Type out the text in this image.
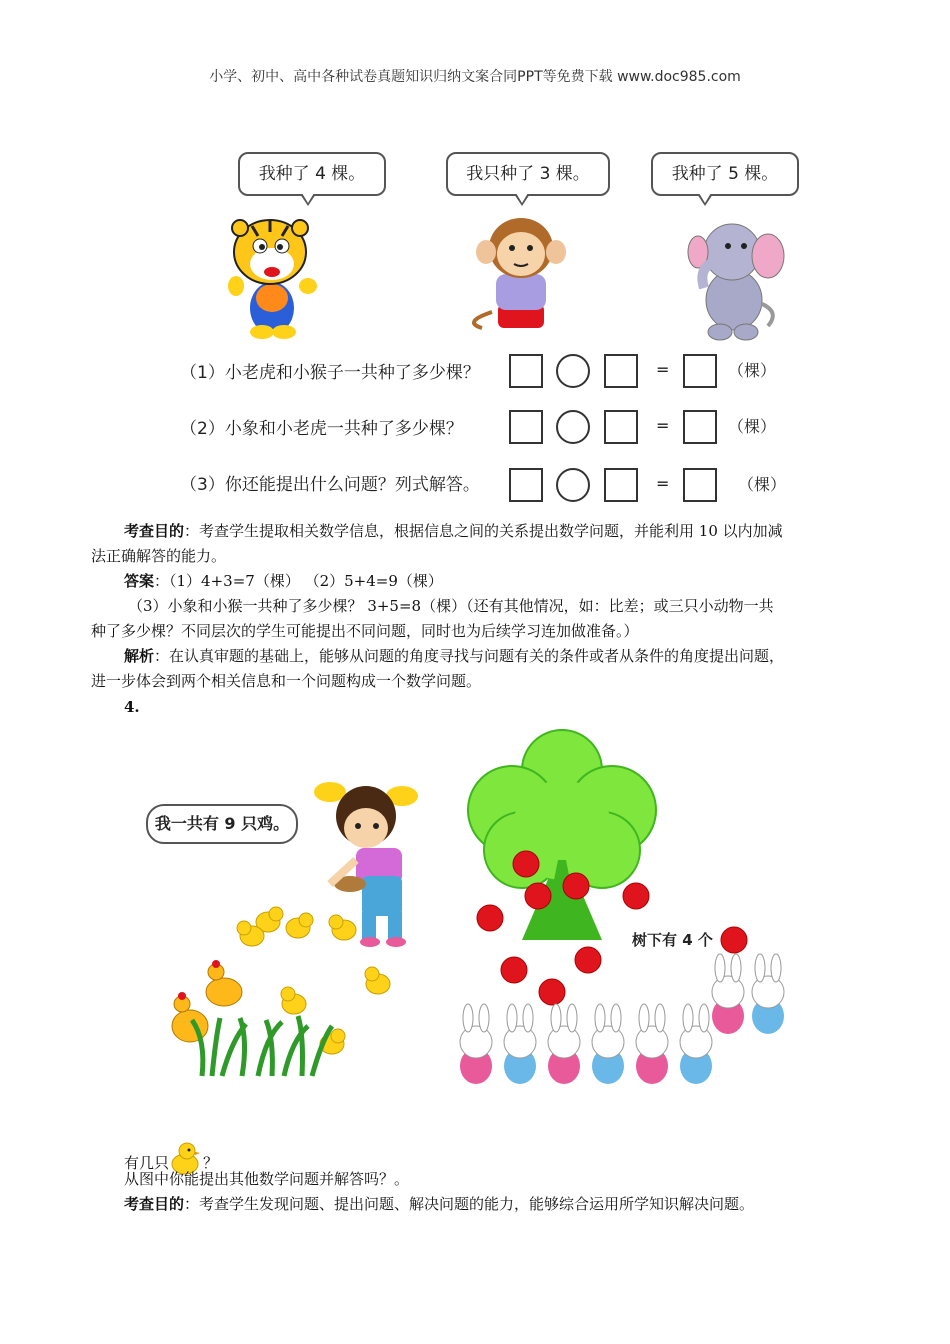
小学、初中、高中各种试卷真题知识归纳文案合同PPT等免费下载 www.doc985.com
我种了 4 棵。	我只种了 3 棵。	我种了 5 棵。
（1）小老虎和小猴子一共种了多少棵？	=	（棵）
（2）小象和小老虎一共种了多少棵？	=	（棵）
（3）你还能提出什么问题？列式解答。	=	（棵）
考查目的：考查学生提取相关数学信息，根据信息之间的关系提出数学问题，并能利用 10 以内加减
法正确解答的能力。
答案：（1）4+3=7（棵） （2）5+4=9（棵）
（3）小象和小猴一共种了多少棵？ 3+5=8（棵）（还有其他情况，如：比差；或三只小动物一共
种了多少棵？不同层次的学生可能提出不同问题，同时也为后续学习连加做准备。）
解析：在认真审题的基础上，能够从问题的角度寻找与问题有关的条件或者从条件的角度提出问题，
进一步体会到两个相关信息和一个问题构成一个数学问题。
4.
我一共有 9 只鸡。
树下有 4 个
有几只 ？
从图中你能提出其他数学问题并解答吗？。
考查目的：考查学生发现问题、提出问题、解决问题的能力，能够综合运用所学知识解决问题。
